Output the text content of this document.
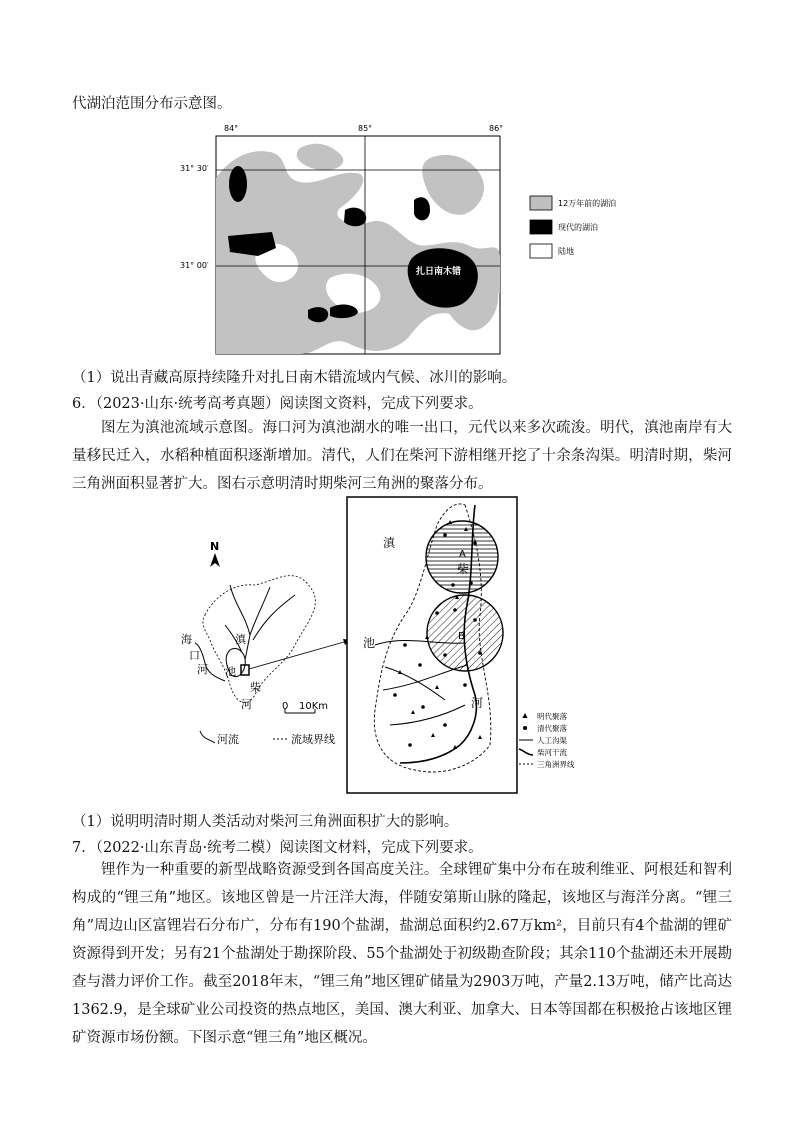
代湖泊范围分布示意图。
84°	85°	86°
31° 30′
31° 00′
扎日南木错
12万年前的湖泊
现代的湖泊
陆地
（1）说出青藏高原持续隆升对扎日南木错流域内气候、冰川的影响。
6．（2023·山东·统考高考真题）阅读图文资料，完成下列要求。
图左为滇池流域示意图。海口河为滇池湖水的唯一出口，元代以来多次疏浚。明代，滇池南岸有大量移民迁入，水稻种植面积逐渐增加。清代，人们在柴河下游相继开挖了十余条沟渠。明清时期，柴河三角洲面积显著扩大。图右示意明清时期柴河三角洲的聚落分布。
N
滇
海
口
河 池
柴
河	0 10Km
河流	流域界线
滇
池
柴
河
A
B
明代聚落
清代聚落
人工沟渠
柴河干流
三角洲界线
（1）说明明清时期人类活动对柴河三角洲面积扩大的影响。
7．（2022·山东青岛·统考二模）阅读图文材料，完成下列要求。
锂作为一种重要的新型战略资源受到各国高度关注。全球锂矿集中分布在玻利维亚、阿根廷和智利构成的“锂三角”地区。该地区曾是一片汪洋大海，伴随安第斯山脉的隆起，该地区与海洋分离。“锂三角”周边山区富锂岩石分布广，分布有190个盐湖，盐湖总面积约2.67万km²，目前只有4个盐湖的锂矿资源得到开发；另有21个盐湖处于勘探阶段、55个盐湖处于初级勘查阶段；其余110个盐湖还未开展勘查与潜力评价工作。截至2018年末，“锂三角”地区锂矿储量为2903万吨，产量2.13万吨，储产比高达1362.9，是全球矿业公司投资的热点地区，美国、澳大利亚、加拿大、日本等国都在积极抢占该地区锂矿资源市场份额。下图示意“锂三角”地区概况。
